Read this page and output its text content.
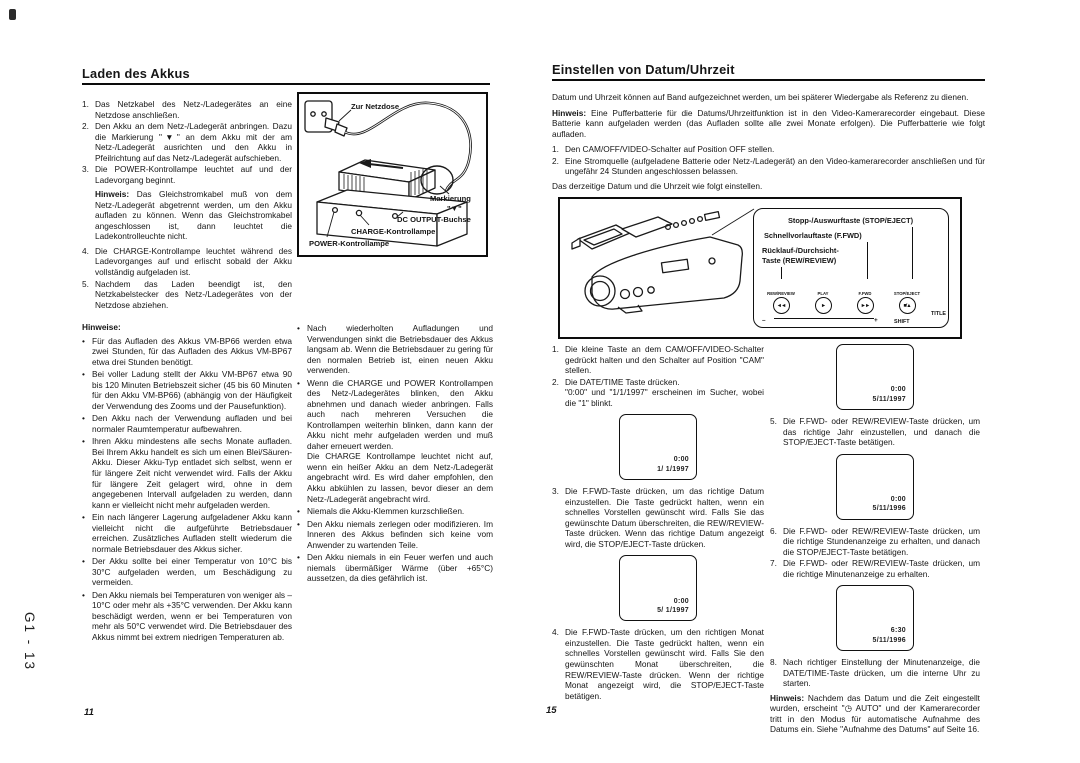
G1 - 13
Laden des Akkus
1. Das Netzkabel des Netz-/Ladegerätes an eine Netzdose anschließen.
2. Den Akku an dem Netz-/Ladegerät anbringen. Dazu die Markierung "▼" an dem Akku mit der am Netz-/Ladegerät ausrichten und den Akku in Pfeilrichtung auf das Netz-/Ladegerät aufschieben.
3. Die POWER-Kontrollampe leuchtet auf und der Ladevorgang beginnt.
Hinweis: Das Gleichstromkabel muß von dem Netz-/Ladegerät abgetrennt werden, um den Akku aufladen zu können. Wenn das Gleichstromkabel angeschlossen ist, dann leuchtet die Ladekontrolleuchte nicht.
4. Die CHARGE-Kontrollampe leuchtet während des Ladevorganges auf und erlischt sobald der Akku vollständig aufgeladen ist.
5. Nachdem das Laden beendigt ist, den Netzkabelstecker des Netz-/Ladegerätes von der Netzdose abziehen.
Hinweise:
• Für das Aufladen des Akkus VM-BP66 werden etwa zwei Stunden, für das Aufladen des Akkus VM-BP67 etwa drei Stunden benötigt.
• Bei voller Ladung stellt der Akku VM-BP67 etwa 90 bis 120 Minuten Betriebszeit sicher (45 bis 60 Minuten für den Akku VM-BP66) (abhängig von der Häufigkeit der Verwendung des Zooms und der Pausefunktion).
• Den Akku nach der Verwendung aufladen und bei normaler Raumtemperatur aufbewahren.
• Ihren Akku mindestens alle sechs Monate aufladen. Bei Ihrem Akku handelt es sich um einen Blei/Säuren-Akku. Dieser Akku-Typ entladet sich selbst, wenn er für längere Zeit nicht verwendet wird. Falls der Akku für längere Zeit gelagert wird, ohne in dem angegebenen Intervall aufgeladen zu werden, dann kann er vielleicht nicht mehr aufgeladen werden.
• Ein nach längerer Lagerung aufgeladener Akku kann vielleicht nicht die aufgeführte Betriebsdauer erreichen. Zusätzliches Aufladen stellt wiederum die normale Betriebsdauer des Akkus sicher.
• Der Akku sollte bei einer Temperatur von 10°C bis 30°C aufgeladen werden, um Beschädigung zu vermeiden.
• Den Akku niemals bei Temperaturen von weniger als –10°C oder mehr als +35°C verwenden. Der Akku kann beschädigt werden, wenn er bei Temperaturen von mehr als 50°C verwendet wird. Die Betriebsdauer des Akkus nimmt bei extrem niedrigen Temperaturen ab.
Zur Netzdose
Markierung
"▼"
DC OUTPUT-Buchse
CHARGE-Kontrollampe
POWER-Kontrollampe
• Nach wiederholten Aufladungen und Verwendungen sinkt die Betriebsdauer des Akkus langsam ab. Wenn die Betriebsdauer zu gering für den normalen Betrieb ist, einen neuen Akku verwenden.
• Wenn die CHARGE und POWER Kontrollampen des Netz-/Ladegerätes blinken, den Akku abnehmen und danach wieder anbringen. Falls auch nach mehreren Versuchen die Kontrollampen weiterhin blinken, dann kann der Akku nicht mehr aufgeladen werden und muß daher erneuert werden.
Die CHARGE Kontrollampe leuchtet nicht auf, wenn ein heißer Akku an dem Netz-/Ladegerät angebracht wird. Es wird daher empfohlen, den Akku abkühlen zu lassen, bevor dieser an dem Netz-/Ladegerät angebracht wird.
• Niemals die Akku-Klemmen kurzschließen.
• Den Akku niemals zerlegen oder modifizieren. Im Inneren des Akkus befinden sich keine vom Anwender zu wartenden Teile.
• Den Akku niemals in ein Feuer werfen und auch niemals übermäßiger Wärme (über +65°C) aussetzen, da dies gefährlich ist.
11
Einstellen von Datum/Uhrzeit
Datum und Uhrzeit können auf Band aufgezeichnet werden, um bei späterer Wiedergabe als Referenz zu dienen.
Hinweis: Eine Pufferbatterie für die Datums/Uhrzeitfunktion ist in den Video-Kamerarecorder eingebaut. Diese Batterie kann aufgeladen werden (das Aufladen sollte alle zwei Monate erfolgen). Die Pufferbatterie wie folgt aufladen.
1. Den CAM/OFF/VIDEO-Schalter auf Position OFF stellen.
2. Eine Stromquelle (aufgeladene Batterie oder Netz-/Ladegerät) an den Video-kamerarecorder anschließen und für ungefähr 24 Stunden angeschlossen belassen.
Das derzeitige Datum und die Uhrzeit wie folgt einstellen.
Stopp-/Auswurftaste (STOP/EJECT)
Schnellvorlauftaste (F.FWD)
Rücklauf-/Durchsicht-
Taste (REW/REVIEW)
REW/REVIEW
◄◄
PLAY
►
F.FWD
►►
STOP/EJECT
■/▲
–	+	SHIFT
TITLE
1. Die kleine Taste an dem CAM/OFF/VIDEO-Schalter gedrückt halten und den Schalter auf Position "CAM" stellen.
2. Die DATE/TIME Taste drücken.
"0:00" und "1/1/1997" erscheinen im Sucher, wobei die "1" blinkt.
0:00
1/ 1/1997
3. Die F.FWD-Taste drücken, um das richtige Datum einzustellen. Die Taste gedrückt halten, wenn ein schnelles Vorstellen gewünscht wird. Falls Sie das gewünschte Datum überschreiten, die REW/REVIEW-Taste drücken. Wenn das richtige Datum angezeigt wird, die STOP/EJECT-Taste drücken.
0:00
5/ 1/1997
4. Die F.FWD-Taste drücken, um den richtigen Monat einzustellen. Die Taste gedrückt halten, wenn ein schnelles Vorstellen gewünscht wird. Falls Sie den gewünschten Monat überschreiten, die REW/REVIEW-Taste drücken. Wenn der richtige Monat angezeigt wird, die STOP/EJECT-Taste betätigen.
0:00
5/11/1997
5. Die F.FWD- oder REW/REVIEW-Taste drücken, um das richtige Jahr einzustellen, und danach die STOP/EJECT-Taste betätigen.
0:00
5/11/1996
6. Die F.FWD- oder REW/REVIEW-Taste drücken, um die richtige Stundenanzeige zu erhalten, und danach die STOP/EJECT-Taste betätigen.
7. Die F.FWD- oder REW/REVIEW-Taste drücken, um die richtige Minutenanzeige zu erhalten.
6:30
5/11/1996
8. Nach richtiger Einstellung der Minutenanzeige, die DATE/TIME-Taste drücken, um die interne Uhr zu starten.
Hinweis: Nachdem das Datum und die Zeit eingestellt wurden, erscheint "◷ AUTO" und der Kamerarecorder tritt in den Modus für automatische Aufnahme des Datums ein. Siehe "Aufnahme des Datums" auf Seite 16.
15
